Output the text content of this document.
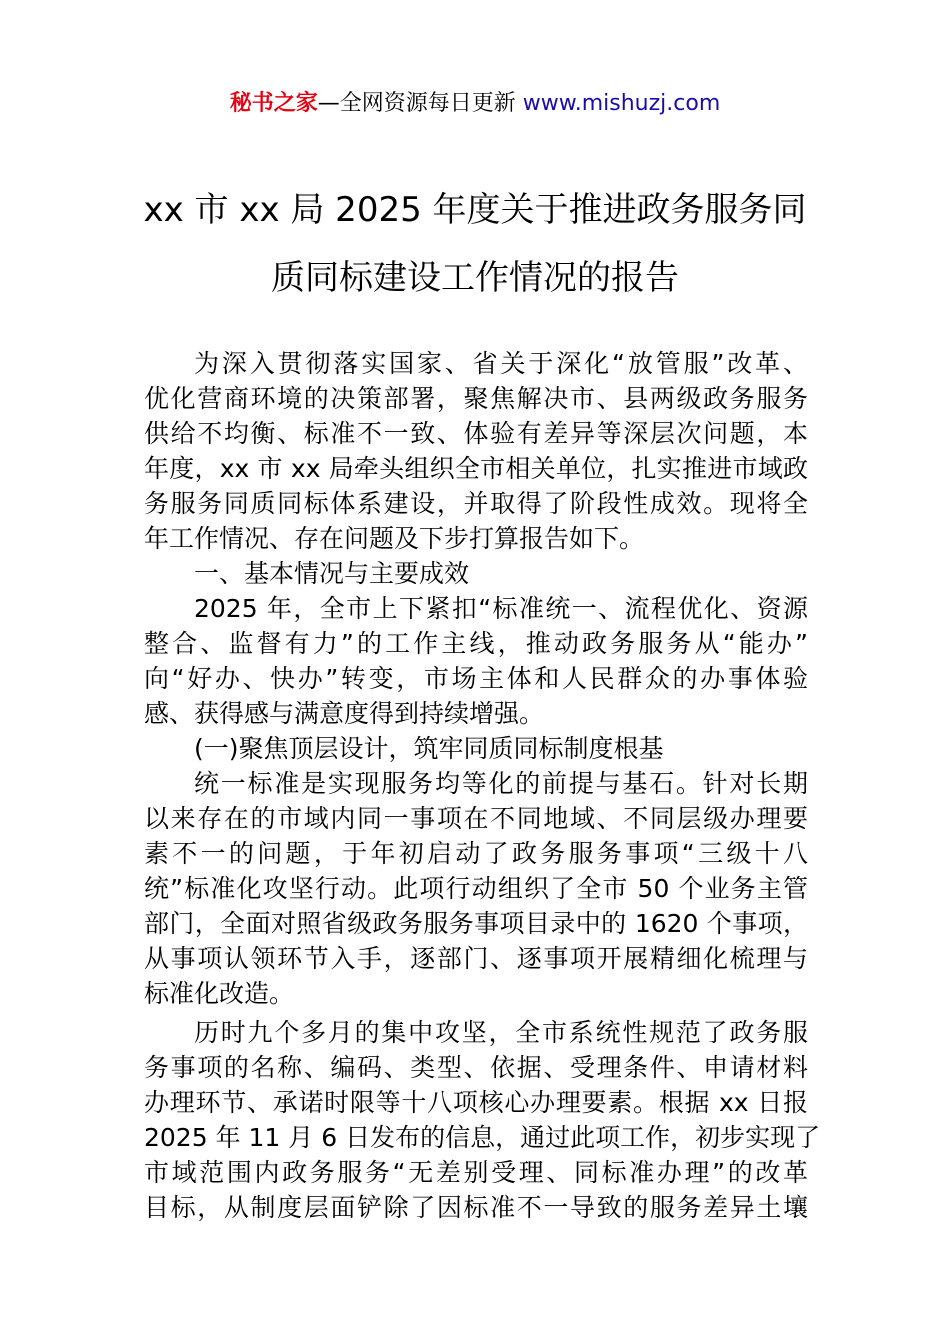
秘书之家—全网资源每日更新 www.mishuzj.com
xx 市 xx 局 2025 年度关于推进政务服务同
质同标建设工作情况的报告
为深入贯彻落实国家、省关于深化“放管服”改革、
优化营商环境的决策部署，聚焦解决市、县两级政务服务
供给不均衡、标准不一致、体验有差异等深层次问题，本
年度，xx 市 xx 局牵头组织全市相关单位，扎实推进市域政
务服务同质同标体系建设，并取得了阶段性成效。现将全
年工作情况、存在问题及下步打算报告如下。
一、基本情况与主要成效
2025 年，全市上下紧扣“标准统一、流程优化、资源
整合、监督有力”的工作主线，推动政务服务从“能办”
向“好办、快办”转变，市场主体和人民群众的办事体验
感、获得感与满意度得到持续增强。
(一)聚焦顶层设计，筑牢同质同标制度根基
统一标准是实现服务均等化的前提与基石。针对长期
以来存在的市域内同一事项在不同地域、不同层级办理要
素不一的问题，于年初启动了政务服务事项“三级十八
统”标准化攻坚行动。此项行动组织了全市 50 个业务主管
部门，全面对照省级政务服务事项目录中的 1620 个事项，
从事项认领环节入手，逐部门、逐事项开展精细化梳理与
标准化改造。
历时九个多月的集中攻坚，全市系统性规范了政务服
务事项的名称、编码、类型、依据、受理条件、申请材料
办理环节、承诺时限等十八项核心办理要素。根据 xx 日报
2025 年 11 月 6 日发布的信息，通过此项工作，初步实现了
市域范围内政务服务“无差别受理、同标准办理”的改革
目标，从制度层面铲除了因标准不一导致的服务差异土壤
